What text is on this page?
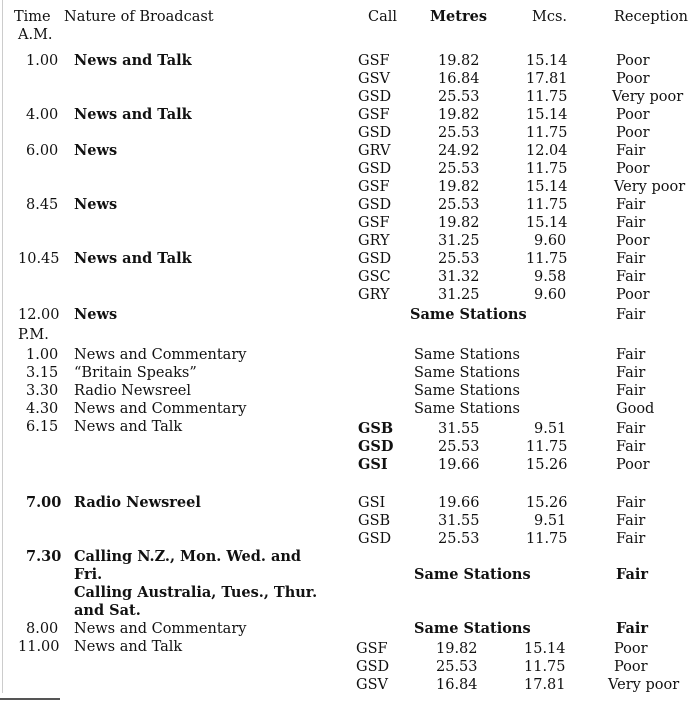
Time Nature of Broadcast	Call Metres	Mcs.	Reception
A.M.
P.M.
1.00 News and Talk	GSF	19.82	15.14	Poor
GSV	16.84	17.81	Poor
GSD	25.53	11.75	Very poor
4.00 News and Talk	GSF	19.82	15.14	Poor
GSD	25.53	11.75	Poor
6.00 News	GRV	24.92	12.04	Fair
GSD	25.53	11.75	Poor
GSF	19.82	15.14	Very poor
8.45 News	GSD	25.53	11.75	Fair
GSF	19.82	15.14	Fair
GRY	31.25	9.60	Poor
10.45 News and Talk	GSD	25.53	11.75	Fair
GSC	31.32	9.58	Fair
GRY	31.25	9.60	Poor
12.00 News	Same Stations	Fair
1.00 News and Commentary	Same Stations	Fair
3.15 “Britain Speaks”	Same Stations	Fair
3.30 Radio Newsreel	Same Stations	Fair
4.30 News and Commentary	Same Stations	Good
6.15 News and Talk	GSB	31.55	9.51	Fair
GSD	25.53	11.75	Fair
GSI	19.66	15.26	Poor
7.00 Radio Newsreel	GSI	19.66	15.26	Fair
GSB	31.55	9.51	Fair
GSD	25.53	11.75	Fair
7.30 Calling N.Z., Mon. Wed. and
Fri.	Same Stations	Fair
Calling Australia, Tues., Thur.
and Sat.
8.00 News and Commentary	Same Stations	Fair
11.00 News and Talk	GSF	19.82	15.14	Poor
GSD	25.53	11.75	Poor
GSV	16.84	17.81	Very poor
